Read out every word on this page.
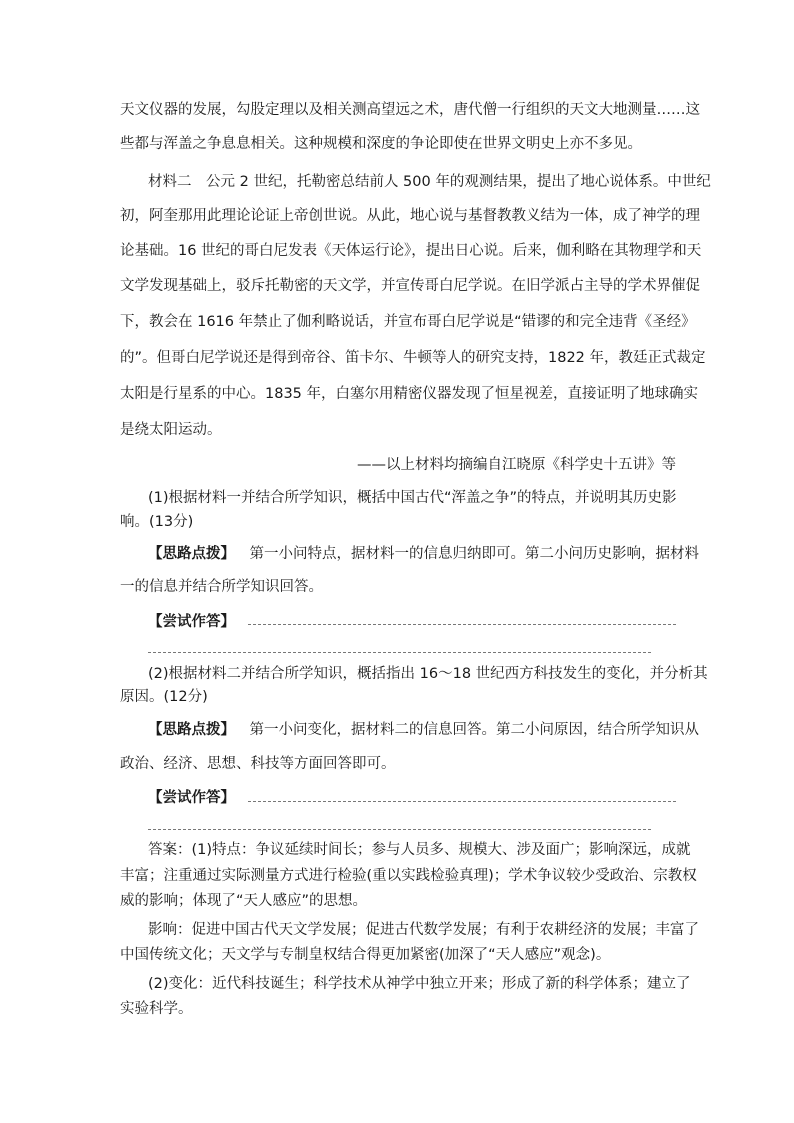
天文仪器的发展，勾股定理以及相关测高望远之术，唐代僧一行组织的天文大地测量……这
些都与浑盖之争息息相关。这种规模和深度的争论即使在世界文明史上亦不多见。
材料二　公元 2 世纪，托勒密总结前人 500 年的观测结果，提出了地心说体系。中世纪
初，阿奎那用此理论论证上帝创世说。从此，地心说与基督教教义结为一体，成了神学的理
论基础。16 世纪的哥白尼发表《天体运行论》，提出日心说。后来，伽利略在其物理学和天
文学发现基础上，驳斥托勒密的天文学，并宣传哥白尼学说。在旧学派占主导的学术界催促
下，教会在 1616 年禁止了伽利略说话，并宣布哥白尼学说是“错谬的和完全违背《圣经》
的”。但哥白尼学说还是得到帝谷、笛卡尔、牛顿等人的研究支持，1822 年，教廷正式裁定
太阳是行星系的中心。1835 年，白塞尔用精密仪器发现了恒星视差，直接证明了地球确实
是绕太阳运动。
——以上材料均摘编自江晓原《科学史十五讲》等
(1)根据材料一并结合所学知识，概括中国古代“浑盖之争”的特点，并说明其历史影
响。(13分)
【思路点拨】  第一小问特点，据材料一的信息归纳即可。第二小问历史影响，据材料
一的信息并结合所学知识回答。
【尝试作答】
(2)根据材料二并结合所学知识，概括指出 16～18 世纪西方科技发生的变化，并分析其
原因。(12分)
【思路点拨】  第一小问变化，据材料二的信息回答。第二小问原因，结合所学知识从
政治、经济、思想、科技等方面回答即可。
【尝试作答】
答案：(1)特点：争议延续时间长；参与人员多、规模大、涉及面广；影响深远，成就
丰富；注重通过实际测量方式进行检验(重以实践检验真理)；学术争议较少受政治、宗教权
威的影响；体现了“天人感应”的思想。
影响：促进中国古代天文学发展；促进古代数学发展；有利于农耕经济的发展；丰富了
中国传统文化；天文学与专制皇权结合得更加紧密(加深了“天人感应”观念)。
(2)变化：近代科技诞生；科学技术从神学中独立开来；形成了新的科学体系；建立了
实验科学。
